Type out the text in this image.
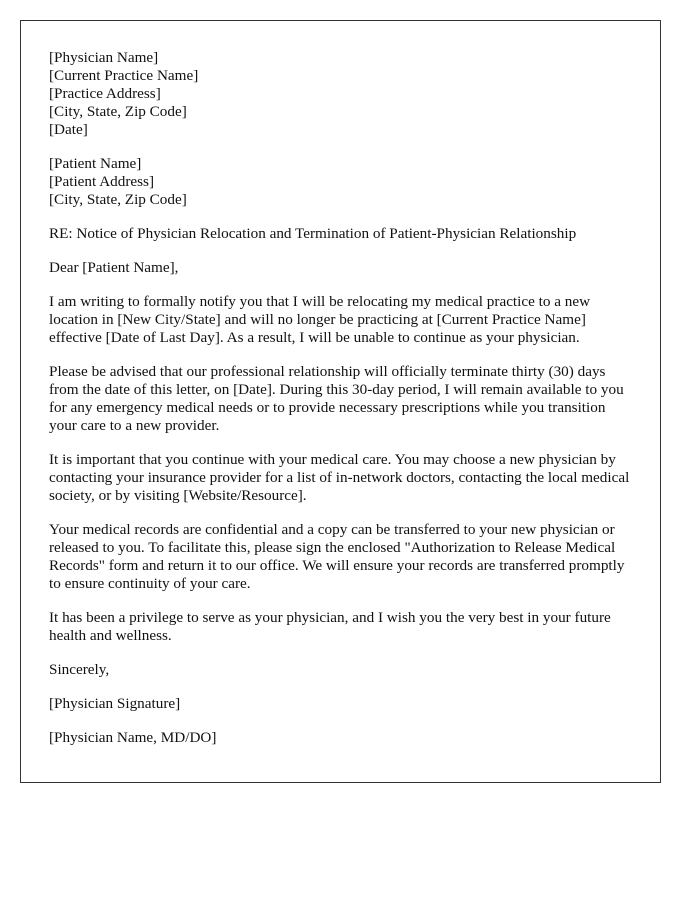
[Physician Name]
[Current Practice Name]
[Practice Address]
[City, State, Zip Code]
[Date]
[Patient Name]
[Patient Address]
[City, State, Zip Code]

RE: Notice of Physician Relocation and Termination of Patient-Physician Relationship

Dear [Patient Name],

I am writing to formally notify you that I will be relocating my medical practice to a new location in [New City/State] and will no longer be practicing at [Current Practice Name] effective [Date of Last Day]. As a result, I will be unable to continue as your physician.

Please be advised that our professional relationship will officially terminate thirty (30) days from the date of this letter, on [Date]. During this 30-day period, I will remain available to you for any emergency medical needs or to provide necessary prescriptions while you transition your care to a new provider.

It is important that you continue with your medical care. You may choose a new physician by contacting your insurance provider for a list of in-network doctors, contacting the local medical society, or by visiting [Website/Resource].

Your medical records are confidential and a copy can be transferred to your new physician or released to you. To facilitate this, please sign the enclosed "Authorization to Release Medical Records" form and return it to our office. We will ensure your records are transferred promptly to ensure continuity of your care.

It has been a privilege to serve as your physician, and I wish you the very best in your future health and wellness.

Sincerely,

[Physician Signature]

[Physician Name, MD/DO]
